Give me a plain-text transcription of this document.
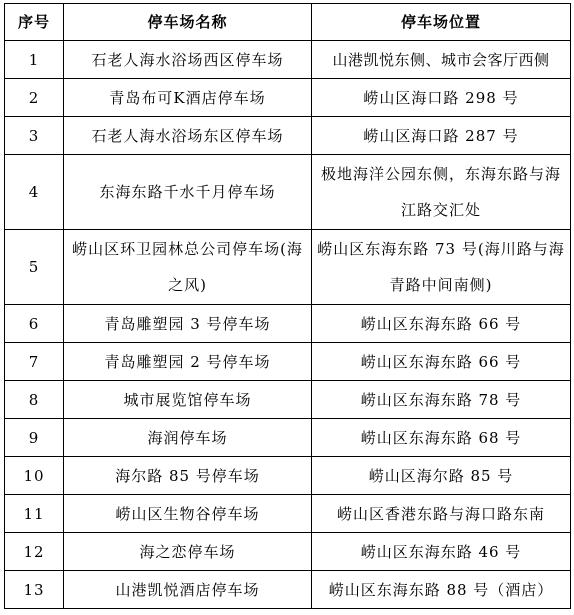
序号	停车场名称	停车场位置
1	石老人海水浴场西区停车场	山港凯悦东侧、城市会客厅西侧
2	青岛布可K酒店停车场	崂山区海口路 298 号
3	石老人海水浴场东区停车场	崂山区海口路 287 号
4	东海东路千水千月停车场	极地海洋公园东侧，东海东路与海江路交汇处
5	崂山区环卫园林总公司停车场(海之风)	崂山区东海东路 73 号(海川路与海青路中间南侧)
6	青岛雕塑园 3 号停车场	崂山区东海东路 66 号
7	青岛雕塑园 2 号停车场	崂山区东海东路 66 号
8	城市展览馆停车场	崂山区东海东路 78 号
9	海润停车场	崂山区东海东路 68 号
10	海尔路 85 号停车场	崂山区海尔路 85 号
11	崂山区生物谷停车场	崂山区香港东路与海口路东南
12	海之恋停车场	崂山区东海东路 46 号
13	山港凯悦酒店停车场	崂山区东海东路 88 号（酒店）
